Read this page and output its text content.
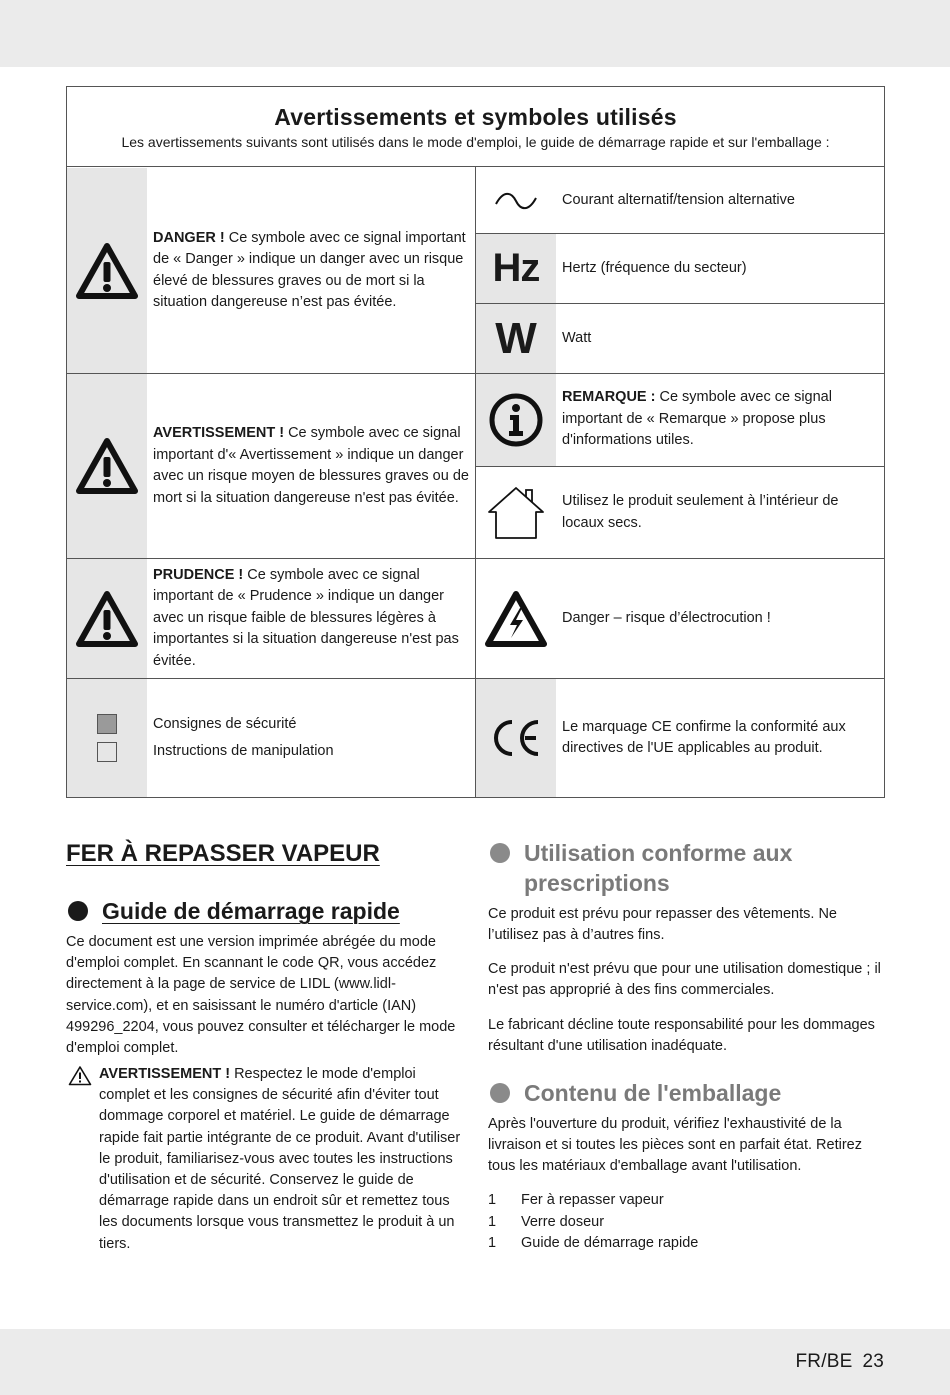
Avertissements et symboles utilisés
Les avertissements suivants sont utilisés dans le mode d'emploi, le guide de démarrage rapide et sur l'emballage :
DANGER ! Ce symbole avec ce signal important de « Danger » indique un danger avec un risque élevé de blessures graves ou de mort si la situation dangereuse n’est pas évitée.
AVERTISSEMENT ! Ce symbole avec ce signal important d'« Avertissement » indique un danger avec un risque moyen de blessures graves ou de mort si la situation dangereuse n'est pas évitée.
PRUDENCE ! Ce symbole avec ce signal important de « Prudence » indique un danger avec un risque faible de blessures légères à importantes si la situation dangereuse n'est pas évitée.
Consignes de sécurité
Instructions de manipulation
Courant alternatif/tension alternative
Hz Hertz (fréquence du secteur)
W Watt
REMARQUE : Ce symbole avec ce signal important de « Remarque » propose plus d'informations utiles.
Utilisez le produit seulement à l’intérieur de locaux secs.
Danger – risque d’électrocution !
Le marquage CE confirme la conformité aux directives de l'UE applicables au produit.
FER À REPASSER VAPEUR
Guide de démarrage rapide
Ce document est une version imprimée abrégée du mode d'emploi complet. En scannant le code QR, vous accédez directement à la page de service de LIDL (www.lidl-service.com), et en saisissant le numéro d'article (IAN) 499296_2204, vous pouvez consulter et télécharger le mode d'emploi complet.
AVERTISSEMENT ! Respectez le mode d'emploi complet et les consignes de sécurité afin d'éviter tout dommage corporel et matériel. Le guide de démarrage rapide fait partie intégrante de ce produit. Avant d'utiliser le produit, familiarisez-vous avec toutes les instructions d'utilisation et de sécurité. Conservez le guide de démarrage rapide dans un endroit sûr et remettez tous les documents lorsque vous transmettez le produit à un tiers.
Utilisation conforme aux
prescriptions
Ce produit est prévu pour repasser des vêtements. Ne l’utilisez pas à d’autres fins.
Ce produit n'est prévu que pour une utilisation domestique ; il n'est pas approprié à des fins commerciales.
Le fabricant décline toute responsabilité pour les dommages résultant d'une utilisation inadéquate.
Contenu de l'emballage
Après l'ouverture du produit, vérifiez l'exhaustivité de la livraison et si toutes les pièces sont en parfait état. Retirez tous les matériaux d'emballage avant l'utilisation.
1	Fer à repasser vapeur
1	Verre doseur
1	Guide de démarrage rapide
FR/BE 23
